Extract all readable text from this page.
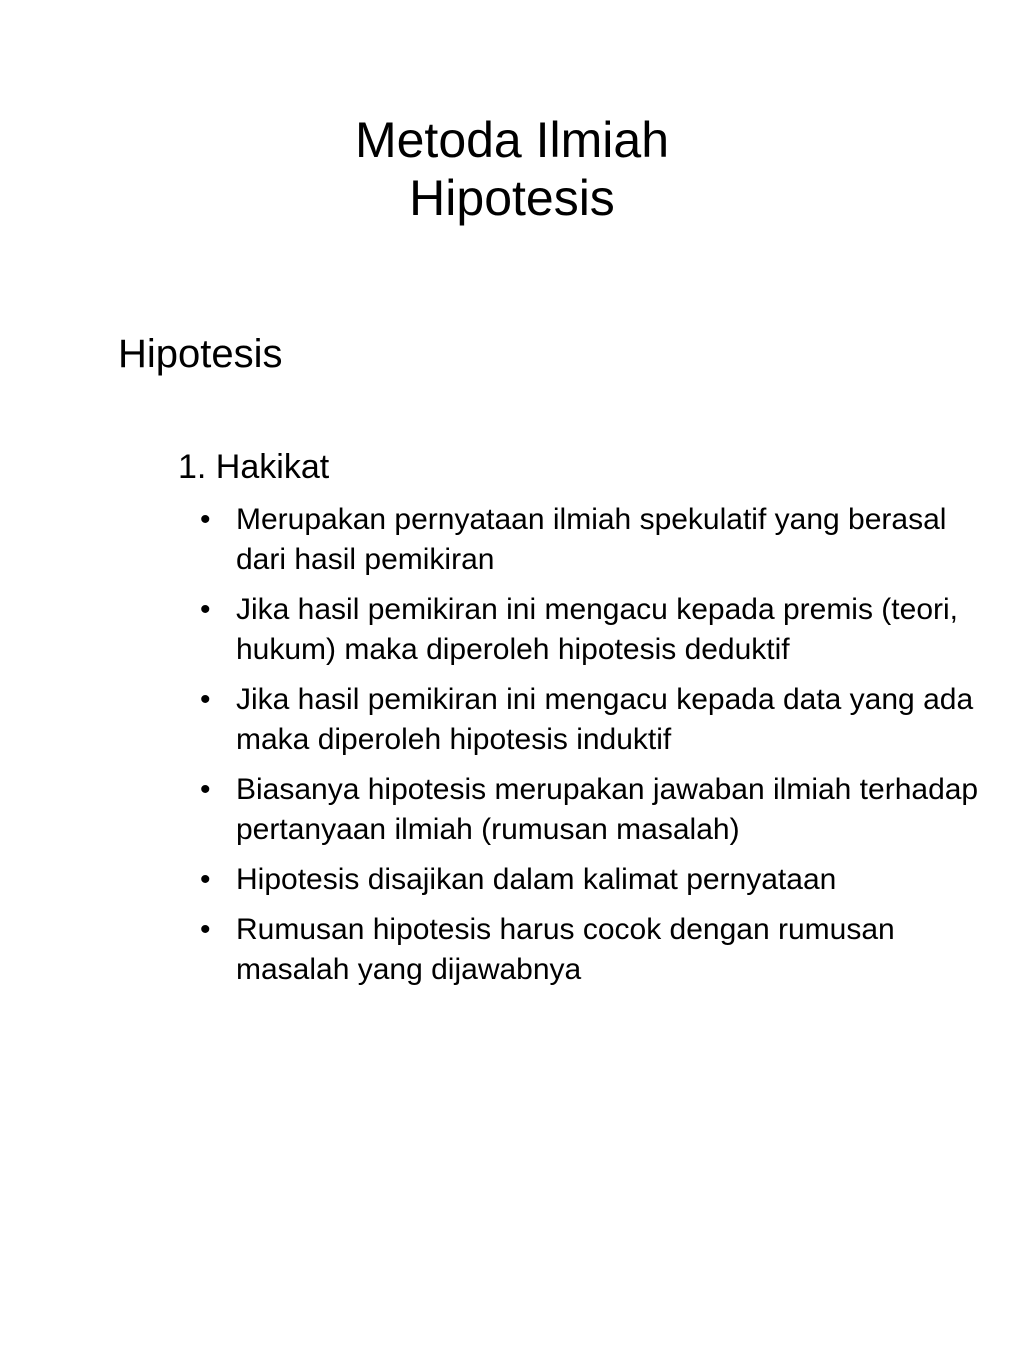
Metoda Ilmiah
Hipotesis
Hipotesis
1. Hakikat
• Merupakan pernyataan ilmiah spekulatif yang berasal dari hasil pemikiran
• Jika hasil pemikiran ini mengacu kepada premis (teori, hukum) maka diperoleh hipotesis deduktif
• Jika hasil pemikiran ini mengacu kepada data yang ada maka diperoleh hipotesis induktif
• Biasanya hipotesis merupakan jawaban ilmiah terhadap pertanyaan ilmiah (rumusan masalah)
• Hipotesis disajikan dalam kalimat pernyataan
• Rumusan hipotesis harus cocok dengan rumusan masalah yang dijawabnya
